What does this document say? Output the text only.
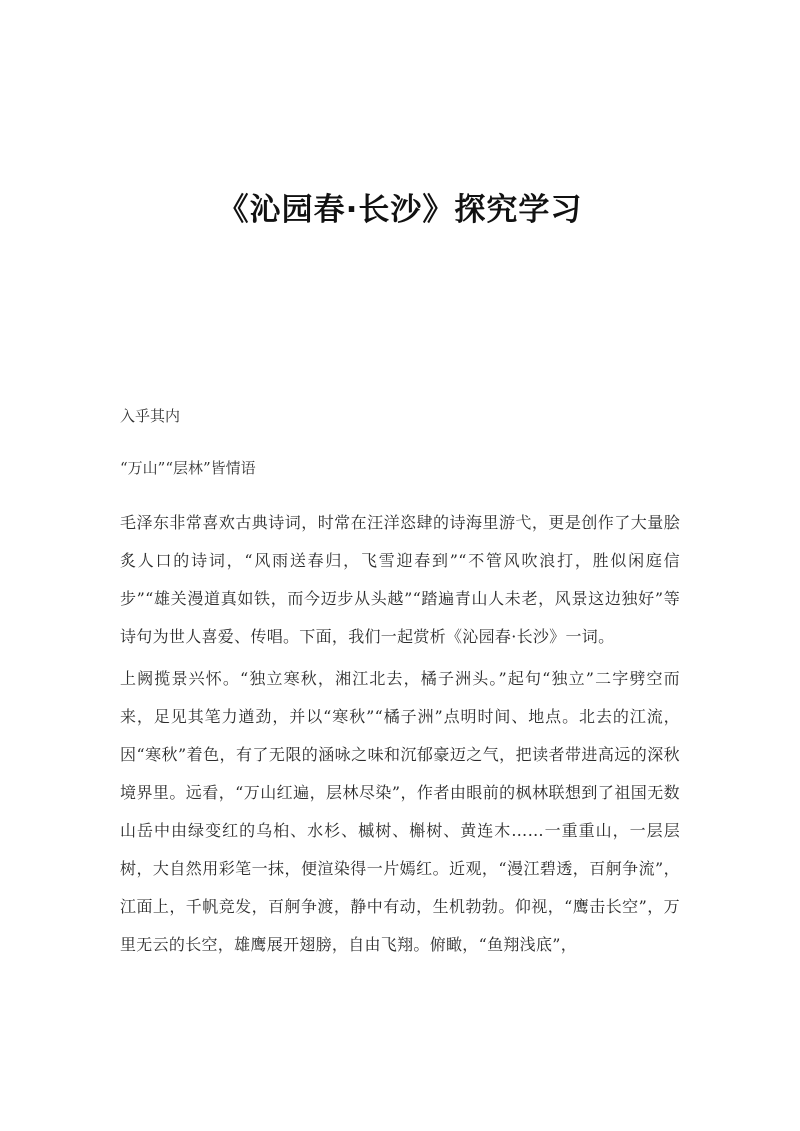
《沁园春·长沙》探究学习

入乎其内

“万山”“层林”皆情语

毛泽东非常喜欢古典诗词，时常在汪洋恣肆的诗海里游弋，更是创作了大量脍炙人口的诗词，“风雨送春归，飞雪迎春到”“不管风吹浪打，胜似闲庭信步”“雄关漫道真如铁，而今迈步从头越”“踏遍青山人未老，风景这边独好”等诗句为世人喜爱、传唱。下面，我们一起赏析《沁园春·长沙》一词。

上阙揽景兴怀。“独立寒秋，湘江北去，橘子洲头。”起句“独立”二字劈空而来，足见其笔力遒劲，并以“寒秋”“橘子洲”点明时间、地点。北去的江流，因“寒秋”着色，有了无限的涵咏之味和沉郁豪迈之气，把读者带进高远的深秋境界里。远看，“万山红遍，层林尽染”，作者由眼前的枫林联想到了祖国无数山岳中由绿变红的乌桕、水杉、槭树、槲树、黄连木……一重重山，一层层树，大自然用彩笔一抹，便渲染得一片嫣红。近观，“漫江碧透，百舸争流”，江面上，千帆竞发，百舸争渡，静中有动，生机勃勃。仰视，“鹰击长空”，万里无云的长空，雄鹰展开翅膀，自由飞翔。俯瞰，“鱼翔浅底”，
